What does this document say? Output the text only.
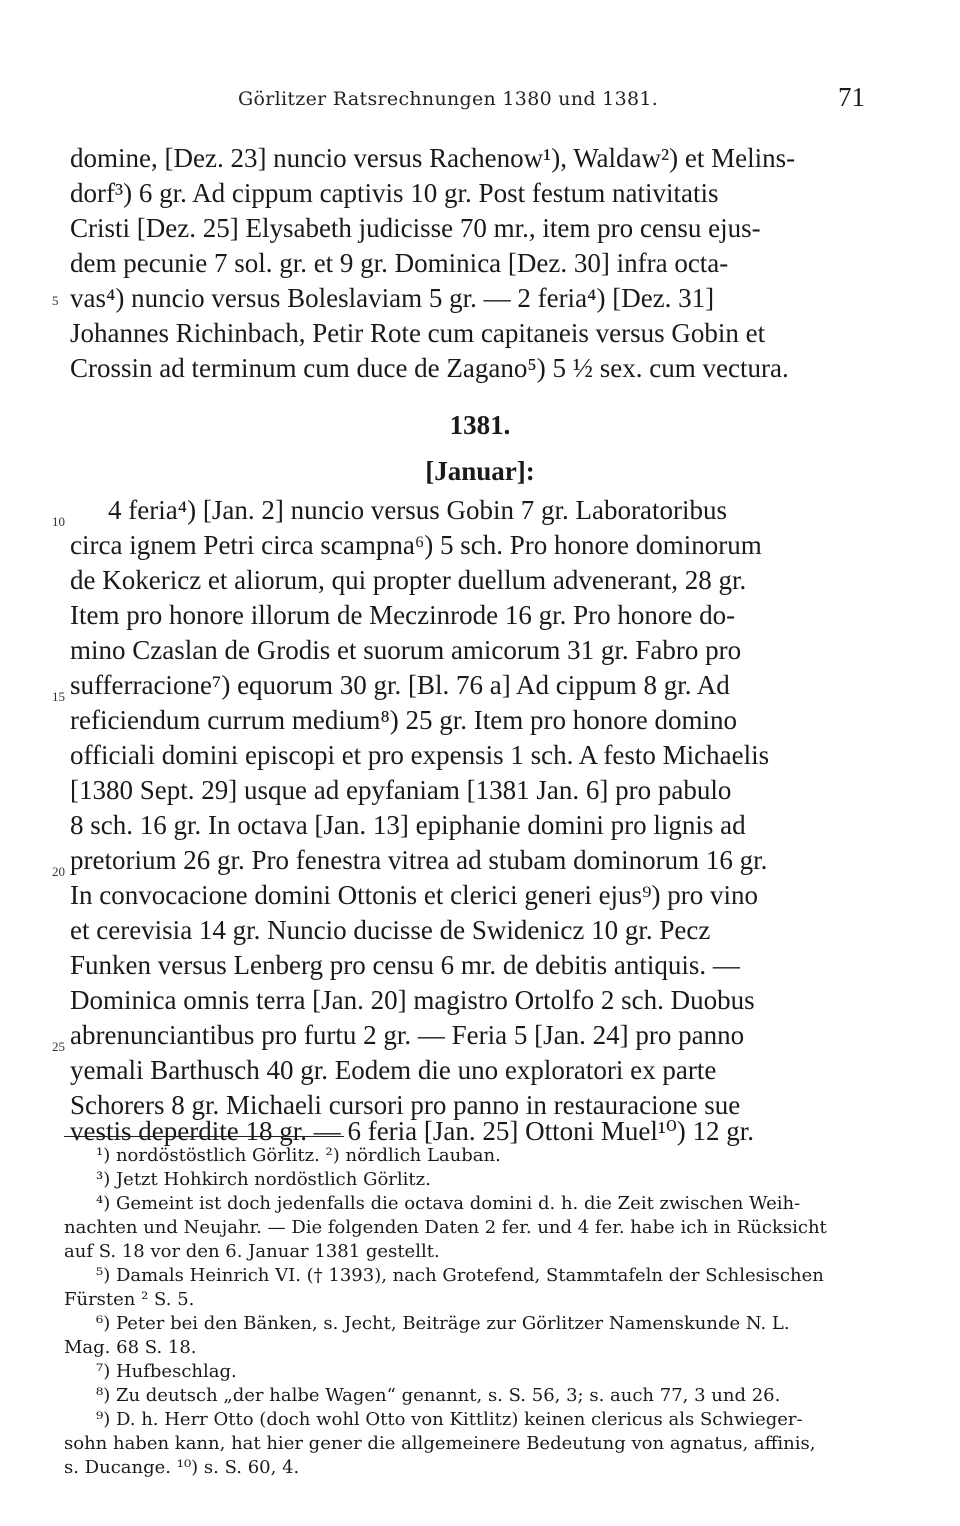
Görlitzer Ratsrechnungen 1380 und 1381.	71
domine, [Dez. 23] nuncio versus Rachenow¹), Waldaw²) et Melins-
dorf³) 6 gr. Ad cippum captivis 10 gr. Post festum nativitatis
Cristi [Dez. 25] Elysabeth judicisse 70 mr., item pro censu ejus-
dem pecunie 7 sol. gr. et 9 gr. Dominica [Dez. 30] infra octa-
vas⁴) nuncio versus Boleslaviam 5 gr. — 2 feria⁴) [Dez. 31]
Johannes Richinbach, Petir Rote cum capitaneis versus Gobin et
Crossin ad terminum cum duce de Zagano⁵) 5 ½ sex. cum vectura.
5
1381.
[Januar]:
4 feria⁴) [Jan. 2] nuncio versus Gobin 7 gr. Laboratoribus
circa ignem Petri circa scampna⁶) 5 sch. Pro honore dominorum
de Kokericz et aliorum, qui propter duellum advenerant, 28 gr.
Item pro honore illorum de Meczinrode 16 gr. Pro honore do-
mino Czaslan de Grodis et suorum amicorum 31 gr. Fabro pro
sufferracione⁷) equorum 30 gr. [Bl. 76 a] Ad cippum 8 gr. Ad
reficiendum currum medium⁸) 25 gr. Item pro honore domino
officiali domini episcopi et pro expensis 1 sch. A festo Michaelis
[1380 Sept. 29] usque ad epyfaniam [1381 Jan. 6] pro pabulo
8 sch. 16 gr. In octava [Jan. 13] epiphanie domini pro lignis ad
pretorium 26 gr. Pro fenestra vitrea ad stubam dominorum 16 gr.
In convocacione domini Ottonis et clerici generi ejus⁹) pro vino
et cerevisia 14 gr. Nuncio ducisse de Swidenicz 10 gr. Pecz
Funken versus Lenberg pro censu 6 mr. de debitis antiquis. —
Dominica omnis terra [Jan. 20] magistro Ortolfo 2 sch. Duobus
abrenunciantibus pro furtu 2 gr. — Feria 5 [Jan. 24] pro panno
yemali Barthusch 40 gr. Eodem die uno exploratori ex parte
Schorers 8 gr. Michaeli cursori pro panno in restauracione sue
vestis deperdite 18 gr. — 6 feria [Jan. 25] Ottoni Muel¹⁰) 12 gr.
10
15
20
25
¹) nordöstöstlich Görlitz. ²) nördlich Lauban.
³) Jetzt Hohkirch nordöstlich Görlitz.
⁴) Gemeint ist doch jedenfalls die octava domini d. h. die Zeit zwischen Weih-
nachten und Neujahr. — Die folgenden Daten 2 fer. und 4 fer. habe ich in Rücksicht
auf S. 18 vor den 6. Januar 1381 gestellt.
⁵) Damals Heinrich VI. († 1393), nach Grotefend, Stammtafeln der Schlesischen
Fürsten ² S. 5.
⁶) Peter bei den Bänken, s. Jecht, Beiträge zur Görlitzer Namenskunde N. L.
Mag. 68 S. 18.
⁷) Hufbeschlag.
⁸) Zu deutsch „der halbe Wagen“ genannt, s. S. 56, 3; s. auch 77, 3 und 26.
⁹) D. h. Herr Otto (doch wohl Otto von Kittlitz) keinen clericus als Schwieger-
sohn haben kann, hat hier gener die allgemeinere Bedeutung von agnatus, affinis,
s. Ducange. ¹⁰) s. S. 60, 4.
